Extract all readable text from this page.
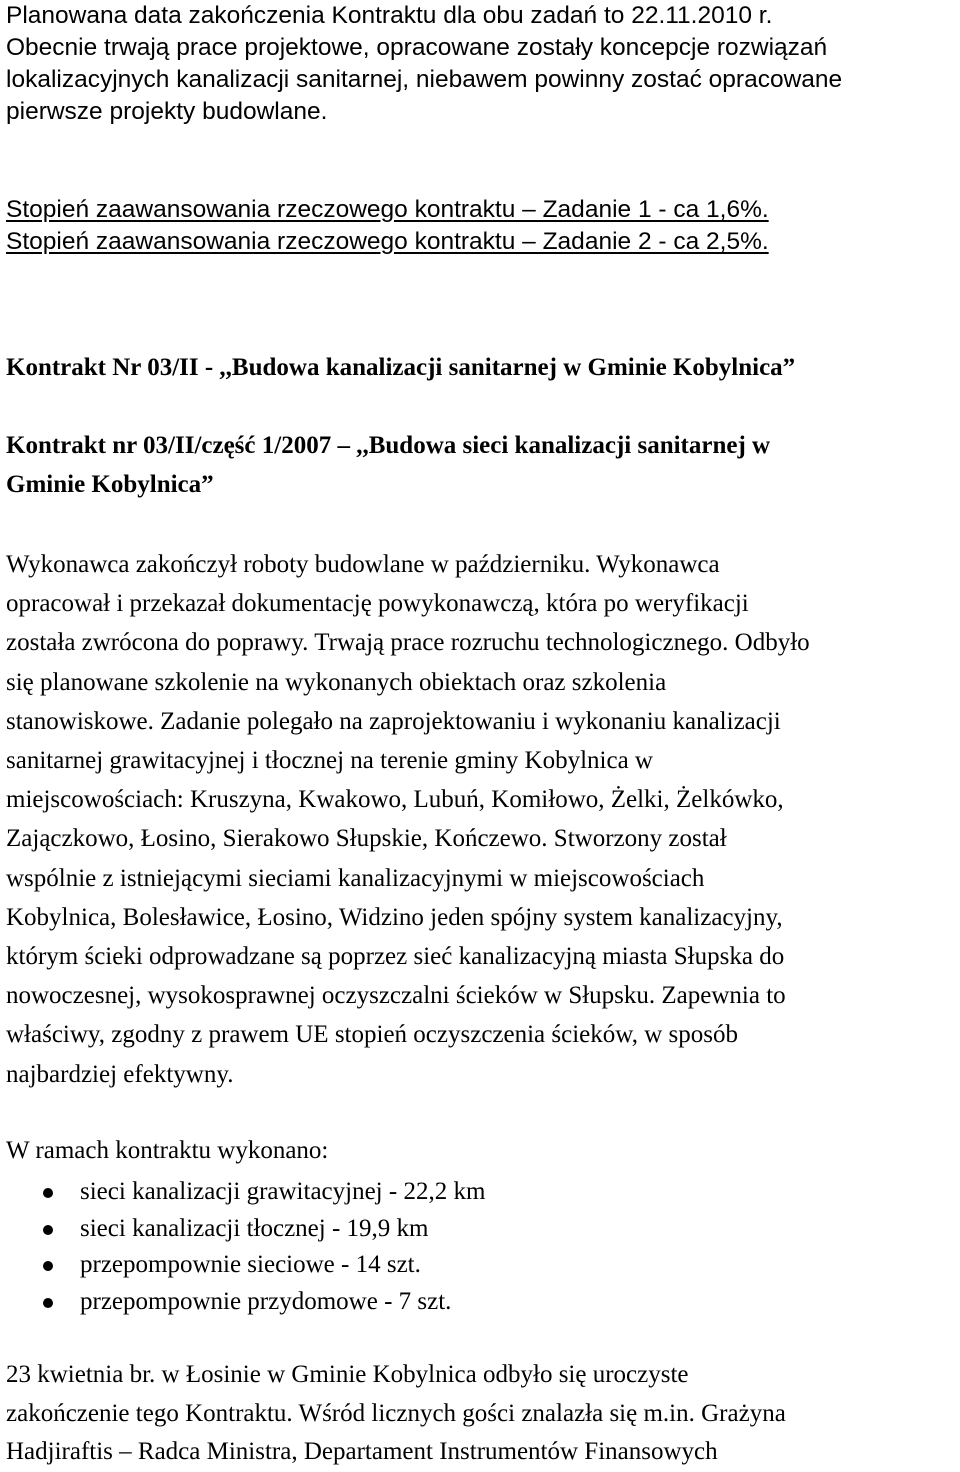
Planowana data zakończenia Kontraktu dla obu zadań to 22.11.2010 r.
Obecnie trwają prace projektowe, opracowane zostały koncepcje rozwiązań
lokalizacyjnych kanalizacji sanitarnej, niebawem powinny zostać opracowane
pierwsze projekty budowlane.

Stopień zaawansowania rzeczowego kontraktu – Zadanie 1 - ca 1,6%.
Stopień zaawansowania rzeczowego kontraktu – Zadanie 2 - ca 2,5%.

Kontrakt Nr 03/II - ,,Budowa kanalizacji sanitarnej w Gminie Kobylnica”
Kontrakt nr 03/II/część 1/2007 – ,,Budowa sieci kanalizacji sanitarnej w
Gminie Kobylnica”

Wykonawca zakończył roboty budowlane w październiku. Wykonawca
opracował i przekazał dokumentację powykonawczą, która po weryfikacji
została zwrócona do poprawy. Trwają prace rozruchu technologicznego. Odbyło
się planowane szkolenie na wykonanych obiektach oraz szkolenia
stanowiskowe. Zadanie polegało na zaprojektowaniu i wykonaniu kanalizacji
sanitarnej grawitacyjnej i tłocznej na terenie gminy Kobylnica w
miejscowościach: Kruszyna, Kwakowo, Lubuń, Komiłowo, Żelki, Żelkówko,
Zajączkowo, Łosino, Sierakowo Słupskie, Kończewo. Stworzony został
wspólnie z istniejącymi sieciami kanalizacyjnymi w miejscowościach
Kobylnica, Bolesławice, Łosino, Widzino jeden spójny system kanalizacyjny,
którym ścieki odprowadzane są poprzez sieć kanalizacyjną miasta Słupska do
nowoczesnej, wysokosprawnej oczyszczalni ścieków w Słupsku. Zapewnia to
właściwy, zgodny z prawem UE stopień oczyszczenia ścieków, w sposób
najbardziej efektywny.

W ramach kontraktu wykonano:

sieci kanalizacji grawitacyjnej - 22,2 km
sieci kanalizacji tłocznej - 19,9 km
przepompownie sieciowe - 14 szt.
przepompownie przydomowe - 7 szt.

23 kwietnia br. w Łosinie w Gminie Kobylnica odbyło się uroczyste
zakończenie tego Kontraktu. Wśród licznych gości znalazła się m.in. Grażyna
Hadjiraftis – Radca Ministra, Departament Instrumentów Finansowych
